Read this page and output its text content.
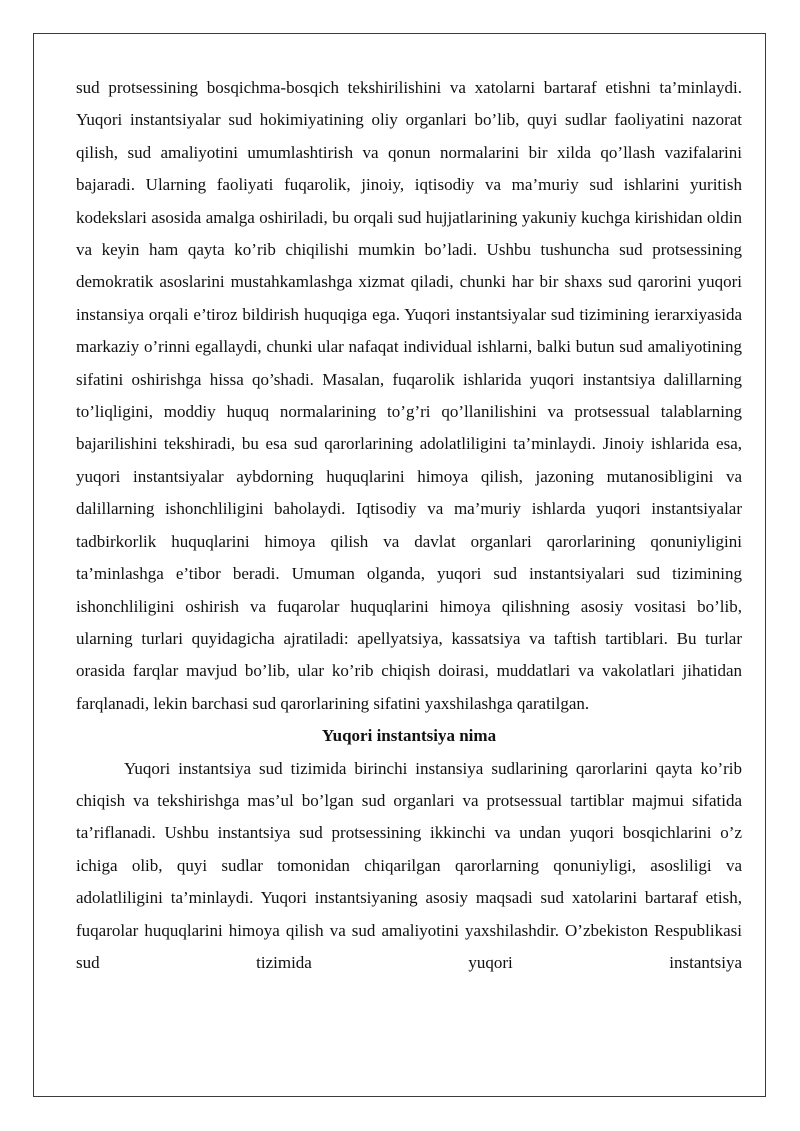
sud protsessining bosqichma-bosqich tekshirilishini va xatolarni bartaraf etishni ta’minlaydi. Yuqori instantsiyalar sud hokimiyatining oliy organlari bo’lib, quyi sudlar faoliyatini nazorat qilish, sud amaliyotini umumlashtirish va qonun normalarini bir xilda qo’llash vazifalarini bajaradi. Ularning faoliyati fuqarolik, jinoiy, iqtisodiy va ma’muriy sud ishlarini yuritish kodekslari asosida amalga oshiriladi, bu orqali sud hujjatlarining yakuniy kuchga kirishidan oldin va keyin ham qayta ko’rib chiqilishi mumkin bo’ladi. Ushbu tushuncha sud protsessining demokratik asoslarini mustahkamlashga xizmat qiladi, chunki har bir shaxs sud qarorini yuqori instansiya orqali e’tiroz bildirish huquqiga ega. Yuqori instantsiyalar sud tizimining ierarxiyasida markaziy o’rinni egallaydi, chunki ular nafaqat individual ishlarni, balki butun sud amaliyotining sifatini oshirishga hissa qo’shadi. Masalan, fuqarolik ishlarida yuqori instantsiya dalillarning to’liqligini, moddiy huquq normalarining to’g’ri qo’llanilishini va protsessual talablarning bajarilishini tekshiradi, bu esa sud qarorlarining adolatliligini ta’minlaydi. Jinoiy ishlarida esa, yuqori instantsiyalar aybdorning huquqlarini himoya qilish, jazoning mutanosibligini va dalillarning ishonchliligini baholaydi. Iqtisodiy va ma’muriy ishlarda yuqori instantsiyalar tadbirkorlik huquqlarini himoya qilish va davlat organlari qarorlarining qonuniyligini ta’minlashga e’tibor beradi. Umuman olganda, yuqori sud instantsiyalari sud tizimining ishonchliligini oshirish va fuqarolar huquqlarini himoya qilishning asosiy vositasi bo’lib, ularning turlari quyidagicha ajratiladi: apellyatsiya, kassatsiya va taftish tartiblari. Bu turlar orasida farqlar mavjud bo’lib, ular ko’rib chiqish doirasi, muddatlari va vakolatlari jihatidan farqlanadi, lekin barchasi sud qarorlarining sifatini yaxshilashga qaratilgan.

Yuqori instantsiya nima

Yuqori instantsiya sud tizimida birinchi instansiya sudlarining qarorlarini qayta ko’rib chiqish va tekshirishga mas’ul bo’lgan sud organlari va protsessual tartiblar majmui sifatida ta’riflanadi. Ushbu instantsiya sud protsessining ikkinchi va undan yuqori bosqichlarini o’z ichiga olib, quyi sudlar tomonidan chiqarilgan qarorlarning qonuniyligi, asosliligi va adolatliligini ta’minlaydi. Yuqori instantsiyaning asosiy maqsadi sud xatolarini bartaraf etish, fuqarolar huquqlarini himoya qilish va sud amaliyotini yaxshilashdir. O’zbekiston Respublikasi sud tizimida yuqori instantsiya
